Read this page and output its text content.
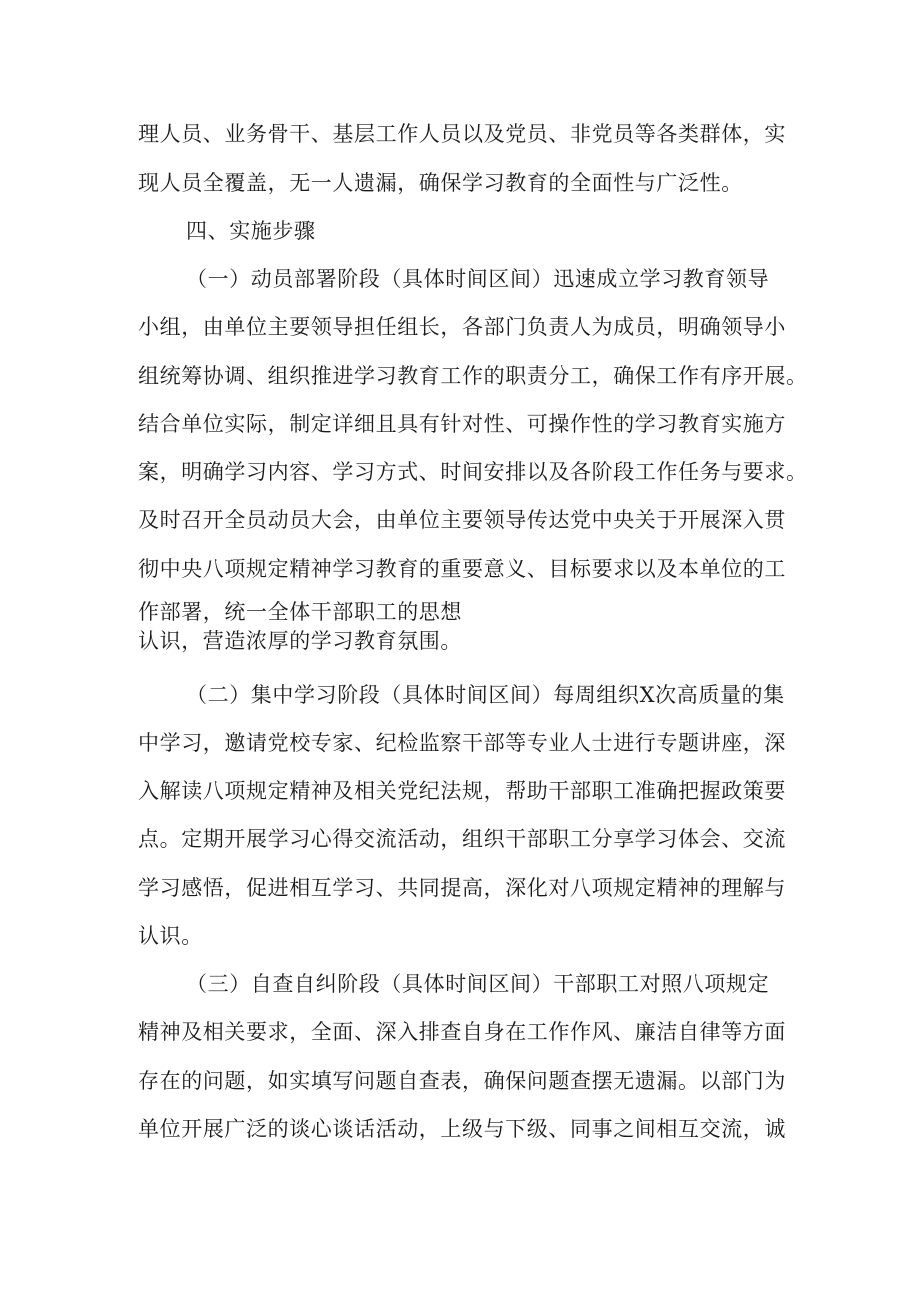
理人员、业务骨干、基层工作人员以及党员、非党员等各类群体，实

现人员全覆盖，无一人遗漏，确保学习教育的全面性与广泛性。

四、实施步骤

（一）动员部署阶段（具体时间区间）迅速成立学习教育领导

小组，由单位主要领导担任组长，各部门负责人为成员，明确领导小

组统筹协调、组织推进学习教育工作的职责分工，确保工作有序开展。

结合单位实际，制定详细且具有针对性、可操作性的学习教育实施方

案，明确学习内容、学习方式、时间安排以及各阶段工作任务与要求。

及时召开全员动员大会，由单位主要领导传达党中央关于开展深入贯

彻中央八项规定精神学习教育的重要意义、目标要求以及本单位的工

作部署，统一全体干部职工的思想

认识，营造浓厚的学习教育氛围。

（二）集中学习阶段（具体时间区间）每周组织X次高质量的集

中学习，邀请党校专家、纪检监察干部等专业人士进行专题讲座，深

入解读八项规定精神及相关党纪法规，帮助干部职工准确把握政策要

点。定期开展学习心得交流活动，组织干部职工分享学习体会、交流

学习感悟，促进相互学习、共同提高，深化对八项规定精神的理解与

认识。

（三）自查自纠阶段（具体时间区间）干部职工对照八项规定

精神及相关要求，全面、深入排查自身在工作作风、廉洁自律等方面

存在的问题，如实填写问题自查表，确保问题查摆无遗漏。以部门为

单位开展广泛的谈心谈话活动，上级与下级、同事之间相互交流，诚
